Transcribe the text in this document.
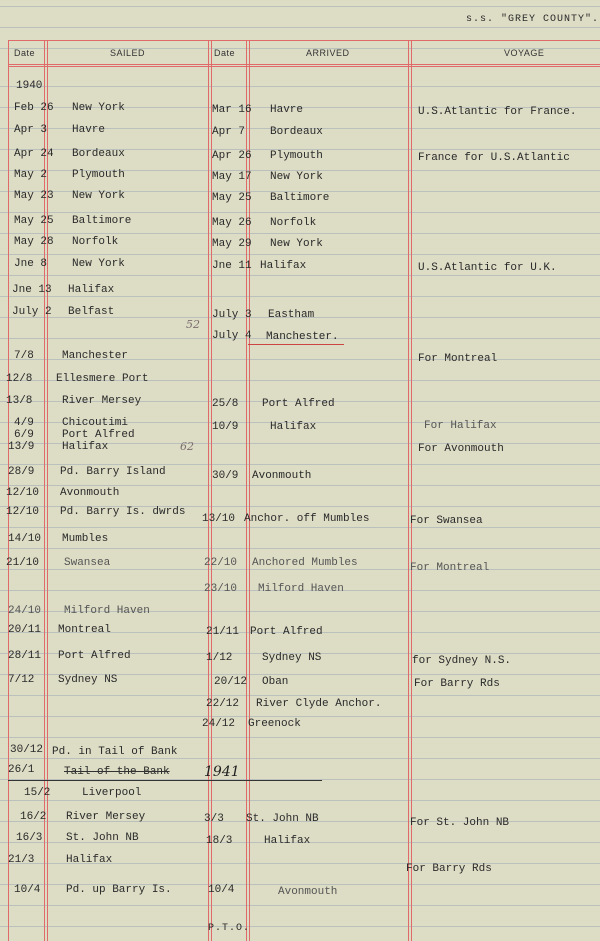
s.s. "GREY COUNTY".
Date	SAILED	Date	ARRIVED	VOYAGE
1940
Feb 26 New York	Mar 16 Havre	U.S.Atlantic for France.
Apr 3 Havre	Apr 7 Bordeaux
Apr 24 Bordeaux	Apr 26 Plymouth	France for U.S.Atlantic
May 2 Plymouth	May 17 New York
May 23 New York	May 25 Baltimore
May 25 Baltimore	May 26 Norfolk
May 28 Norfolk	May 29 New York
Jne 8 New York	Jne 11 Halifax	U.S.Atlantic for U.K.
Jne 13 Halifax
July 2 Belfast	July 3 Eastham
July 4 Manchester.
7/8	Manchester	For Montreal
12/8 Ellesmere Port
13/8	River Mersey	25/8 Port Alfred
4/9	Chicoutimi	For Halifax
6/9	Port Alfred
10/9	Halifax
13/9	Halifax	For Avonmouth
62
28/9 Pd. Barry Island	30/9 Avonmouth
12/10 Avonmouth
12/10 Pd. Barry Is. dwrds
13/10 Anchor. off Mumbles	For Swansea
14/10 Mumbles
21/10 Swansea	22/10 Anchored Mumbles	For Montreal
23/10 Milford Haven
24/10 Milford Haven
20/11 Montreal	21/11 Port Alfred
28/11 Port Alfred	1/12	Sydney NS	for Sydney N.S.
7/12 Sydney NS	20/12 Oban	For Barry Rds
22/12 River Clyde Anchor.
24/12 Greenock
30/12 Pd. in Tail of Bank
26/1	Tail of the Bank 1941
15/2	Liverpool
16/2 River Mersey	3/3 St. John NB	For St. John NB
16/3 St. John NB	18/3	Halifax
21/3	Halifax
For Barry Rds
10/4 Pd. up Barry Is.	10/4	Avonmouth
52
P.T.O.
